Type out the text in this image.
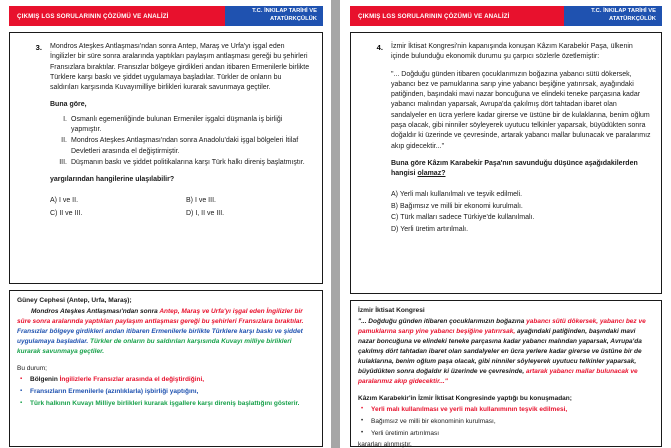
ÇIKMIŞ LGS SORULARININ ÇÖZÜMÜ VE ANALİZİ
T.C. İNKILAP TARİHİ VE
ATATÜRKÇÜLÜK
3.	Mondros Ateşkes Antlaşması'ndan sonra Antep, Maraş ve Urfa'yı işgal eden İngilizler bir süre sonra aralarında yaptıkları paylaşım antlaşması gereği bu şehirleri Fransızlara bıraktılar. Fransızlar bölgeye girdikleri andan itibaren Ermenilerle birlikte Türklere karşı baskı ve şiddet uygulamaya başladılar. Türkler de onların bu saldırıları karşısında Kuvayımilliye birlikleri kurarak savunmaya geçtiler.

Buna göre,

I. Osmanlı egemenliğinde bulunan Ermeniler işgalci düşmanla iş birliği yapmıştır.
II. Mondros Ateşkes Antlaşması'ndan sonra Anadolu'daki işgal bölgeleri İtilaf Devletleri arasında el değiştirmiştir.
III. Düşmanın baskı ve şiddet politikalarına karşı Türk halkı direniş başlatmıştır.

yargılarından hangilerine ulaşılabilir?

A) I ve II.	B) I ve III.
C) II ve III.	D) I, II ve III.

Güney Cephesi (Antep, Urfa, Maraş);

Mondros Ateşkes Antlaşması'ndan sonra Antep, Maraş ve Urfa'yı işgal eden İngilizler bir süre sonra aralarında yaptıkları paylaşım antlaşması gereği bu şehirleri Fransızlara bıraktılar. Fransızlar bölgeye girdikleri andan itibaren Ermenilerle birlikte Türklere karşı baskı ve şiddet uygulamaya başladılar. Türkler de onların bu saldırıları karşısında Kuvayı milliye birlikleri kurarak savunmaya geçtiler.

Bu durum;

▪	Bölgenin İngilizlerle Fransızlar arasında el değiştirdiğini,
▪	Fransızların Ermenilerle (azınlıklarla) işbirliği yaptığını,
▪	Türk halkının Kuvayı Milliye birlikleri kurarak işgallere karşı direniş başlattığını gösterir.
ÇIKMIŞ LGS SORULARININ ÇÖZÜMÜ VE ANALİZİ
T.C. İNKILAP TARİHİ VE
ATATÜRKÇÜLÜK
4.	İzmir İktisat Kongresi'nin kapanışında konuşan Kâzım Karabekir Paşa, ülkenin içinde bulunduğu ekonomik durumu şu çarpıcı sözlerle özetlemiştir:

"... Doğduğu günden itibaren çocuklarımızın boğazına yabancı sütü dökersek, yabancı bez ve pamuklarına sarıp yine yabancı beşiğine yatırırsak, ayağındaki patiğinden, başındaki mavi nazar boncuğuna ve elindeki teneke parçasına kadar yabancı malından yaparsak, Avrupa'da çakılmış dört tahtadan ibaret olan sandalyeler en ücra yerlere kadar girerse ve üstüne bir de kulaklarına, benim oğlum paşa olacak, gibi ninniler söyleyerek uyutucu telkinler yaparsak, büyüdükten sonra doğaldır ki üzerinde ve çevresinde, artarak yabancı mallar bulunacak ve paralarımız akıp gidecektir..."

Buna göre Kâzım Karabekir Paşa'nın savunduğu düşünce aşağıdakilerden hangisi olamaz?

A) Yerli malı kullanılmalı ve teşvik edilmeli.
B) Bağımsız ve milli bir ekonomi kurulmalı.
C) Türk malları sadece Türkiye'de kullanılmalı.
D) Yerli üretim artırılmalı.

İzmir İktisat Kongresi

"... Doğduğu günden itibaren çocuklarımızın boğazına yabancı sütü dökersek, yabancı bez ve pamuklarına sarıp yine yabancı beşiğine yatırırsak, ayağındaki patiğinden, başındaki mavi nazar boncuğuna ve elindeki teneke parçasına kadar yabancı malından yaparsak, Avrupa'da çakılmış dört tahtadan ibaret olan sandalyeler en ücra yerlere kadar girerse ve üstüne bir de kulaklarına, benim oğlum paşa olacak, gibi ninniler söyleyerek uyutucu telkinler yaparsak, büyüdükten sonra doğaldır ki üzerinde ve çevresinde, artarak yabancı mallar bulunacak ve paralarımız akıp gidecektir..."

Kâzım Karabekir'in İzmir İktisat Kongresinde yaptığı bu konuşmadan;

•	Yerli malı kullanılması ve yerli malı kullanımının teşvik edilmesi,
•	Bağımsız ve milli bir ekonominin kurulması,
•	Yerli üretimin artırılması

kararları alınmıştır.
